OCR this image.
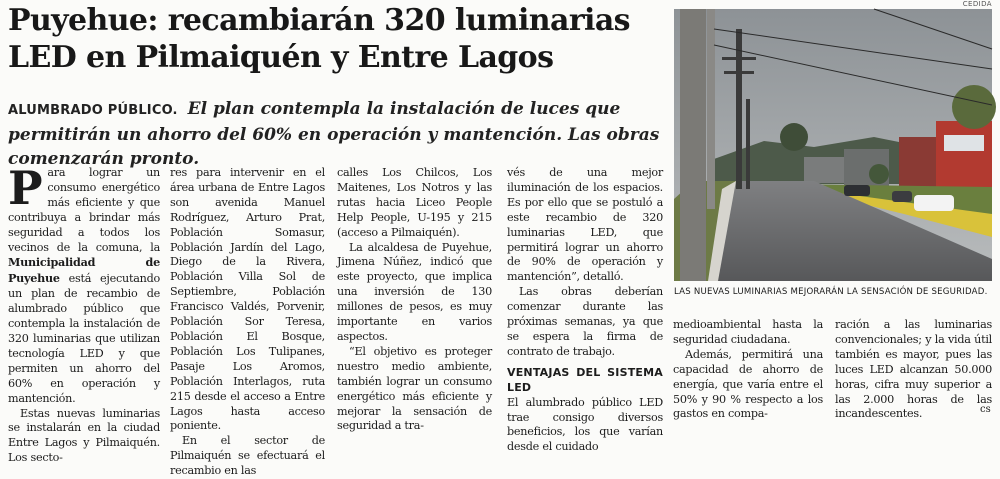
Puyehue: recambiarán 320 luminarias
LED en Pilmaiquén y Entre Lagos
ALUMBRADO PÚBLICO. El plan contempla la instalación de luces que permitirán un ahorro del 60% en operación y mantención. Las obras comenzarán pronto.

Para lograr un consumo energético más eficiente y que contribuya a brindar más seguridad a todos los vecinos de la comuna, la Municipalidad de Puyehue está ejecutando un plan de recambio de alumbrado público que contempla la instalación de 320 luminarias que utilizan tecnología LED y que permiten un ahorro del 60% en operación y mantención.

Estas nuevas luminarias se instalarán en la ciudad Entre Lagos y Pilmaiquén. Los secto-

res para intervenir en el área urbana de Entre Lagos son avenida Manuel Rodríguez, Arturo Prat, Población Somasur, Población Jardín del Lago, Diego de la Rivera, Población Villa Sol de Septiembre, Población Francisco Valdés, Porvenir, Población Sor Teresa, Población El Bosque, Población Los Tulipanes, Pasaje Los Aromos, Población Interlagos, ruta 215 desde el acceso a Entre Lagos hasta acceso poniente.

En el sector de Pilmaiquén se efectuará el recambio en las

calles Los Chilcos, Los Maitenes, Los Notros y las rutas hacia Liceo People Help People, U-195 y 215 (acceso a Pilmaiquén).

La alcaldesa de Puyehue, Jimena Núñez, indicó que este proyecto, que implica una inversión de 130 millones de pesos, es muy importante en varios aspectos.

“El objetivo es proteger nuestro medio ambiente, también lograr un consumo energético más eficiente y mejorar la sensación de seguridad a tra-

vés de una mejor iluminación de los espacios. Es por ello que se postuló a este recambio de 320 luminarias LED, que permitirá lograr un ahorro de 90% de operación y mantención”, detalló.

Las obras deberían comenzar durante las próximas semanas, ya que se espera la firma de contrato de trabajo.

VENTAJAS DEL SISTEMA LED

El alumbrado público LED trae consigo diversos beneficios, los que varían desde el cuidado

medioambiental hasta la seguridad ciudadana.

Además, permitirá una capacidad de ahorro de energía, que varía entre el 50% y 90 % respecto a los gastos en compa-

ración a las luminarias convencionales; y la vida útil también es mayor, pues las luces LED alcanzan 50.000 horas, cifra muy superior a las 2.000 horas de las incandescentes.	cs
CEDIDA
LAS NUEVAS LUMINARIAS MEJORARÁN LA SENSACIÓN DE SEGURIDAD.
